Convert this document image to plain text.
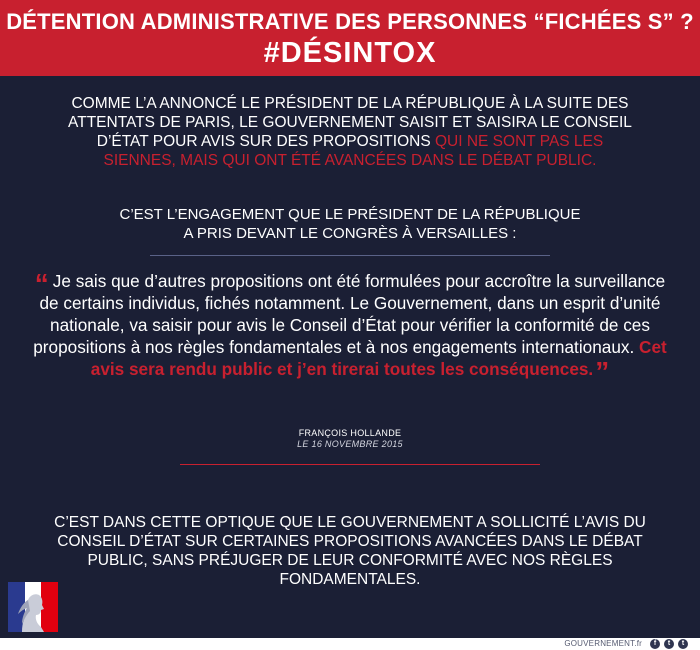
DÉTENTION ADMINISTRATIVE DES PERSONNES “FICHÉES S” ?
#DÉSINTOX
COMME L’A ANNONCÉ LE PRÉSIDENT DE LA RÉPUBLIQUE À LA SUITE DES ATTENTATS DE PARIS, LE GOUVERNEMENT SAISIT ET SAISIRA LE CONSEIL D’ÉTAT POUR AVIS SUR DES PROPOSITIONS QUI NE SONT PAS LES SIENNES, MAIS QUI ONT ÉTÉ AVANCÉES DANS LE DÉBAT PUBLIC.
C’EST L’ENGAGEMENT QUE LE PRÉSIDENT DE LA RÉPUBLIQUE
A PRIS DEVANT LE CONGRÈS À VERSAILLES :
“ Je sais que d’autres propositions ont été formulées pour accroître la surveillance de certains individus, fichés notamment. Le Gouvernement, dans un esprit d’unité nationale, va saisir pour avis le Conseil d’État pour vérifier la conformité de ces propositions à nos règles fondamentales et à nos engagements internationaux. Cet avis sera rendu public et j’en tirerai toutes les conséquences.”
FRANÇOIS HOLLANDE
LE 16 NOVEMBRE 2015
C’EST DANS CETTE OPTIQUE QUE LE GOUVERNEMENT A SOLLICITÉ L’AVIS DU CONSEIL D’ÉTAT SUR CERTAINES PROPOSITIONS AVANCÉES DANS LE DÉBAT PUBLIC, SANS PRÉJUGER DE LEUR CONFORMITÉ AVEC NOS RÈGLES FONDAMENTALES.
GOUVERNEMENT.fr	f	t	t
